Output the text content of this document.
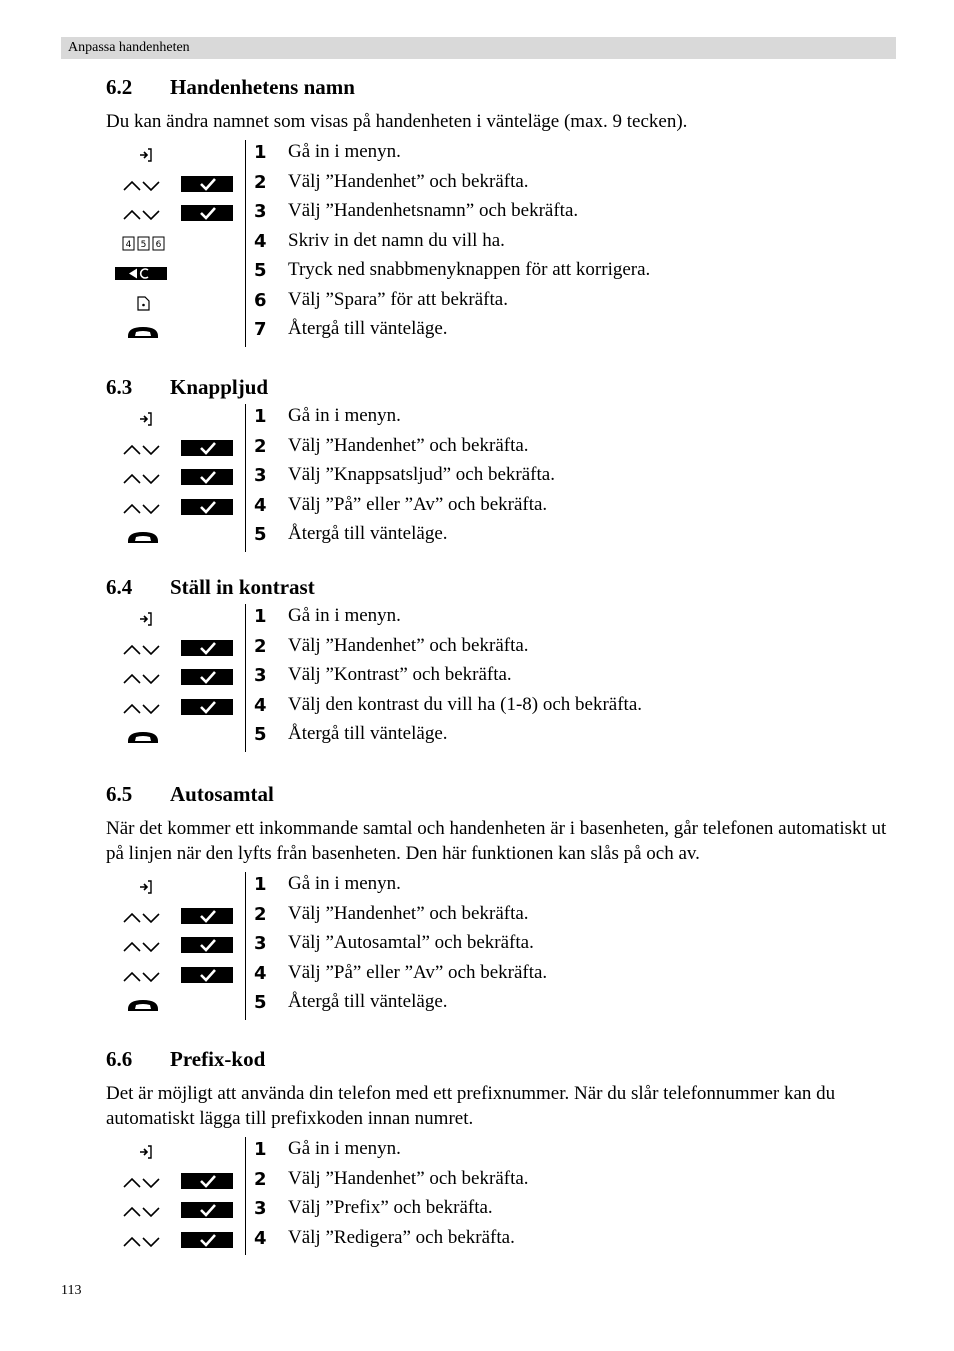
Anpassa handenheten
6.2 Handenhetens namn
Du kan ändra namnet som visas på handenheten i vänteläge (max. 9 tecken).
1 Gå in i menyn.
2 Välj ”Handenhet” och bekräfta.
3 Välj ”Handenhetsnamn” och bekräfta.
4 5 6	4 Skriv in det namn du vill ha.
5 Tryck ned snabbmenyknappen för att korrigera.
6 Välj ”Spara” för att bekräfta.
7 Återgå till vänteläge.
6.3 Knappljud
1 Gå in i menyn.
2 Välj ”Handenhet” och bekräfta.
3 Välj ”Knappsatsljud” och bekräfta.
4 Välj ”På” eller ”Av” och bekräfta.
5 Återgå till vänteläge.
6.4 Ställ in kontrast
1 Gå in i menyn.
2 Välj ”Handenhet” och bekräfta.
3 Välj ”Kontrast” och bekräfta.
4 Välj den kontrast du vill ha (1-8) och bekräfta.
5 Återgå till vänteläge.
6.5 Autosamtal
När det kommer ett inkommande samtal och handenheten är i basenheten, går telefonen automatiskt ut på linjen när den lyfts från basenheten. Den här funktionen kan slås på och av.
1 Gå in i menyn.
2 Välj ”Handenhet” och bekräfta.
3 Välj ”Autosamtal” och bekräfta.
4 Välj ”På” eller ”Av” och bekräfta.
5 Återgå till vänteläge.
6.6 Prefix-kod
Det är möjligt att använda din telefon med ett prefixnummer. När du slår telefonnummer kan du automatiskt lägga till prefixkoden innan numret.
1 Gå in i menyn.
2 Välj ”Handenhet” och bekräfta.
3 Välj ”Prefix” och bekräfta.
4 Välj ”Redigera” och bekräfta.
113
